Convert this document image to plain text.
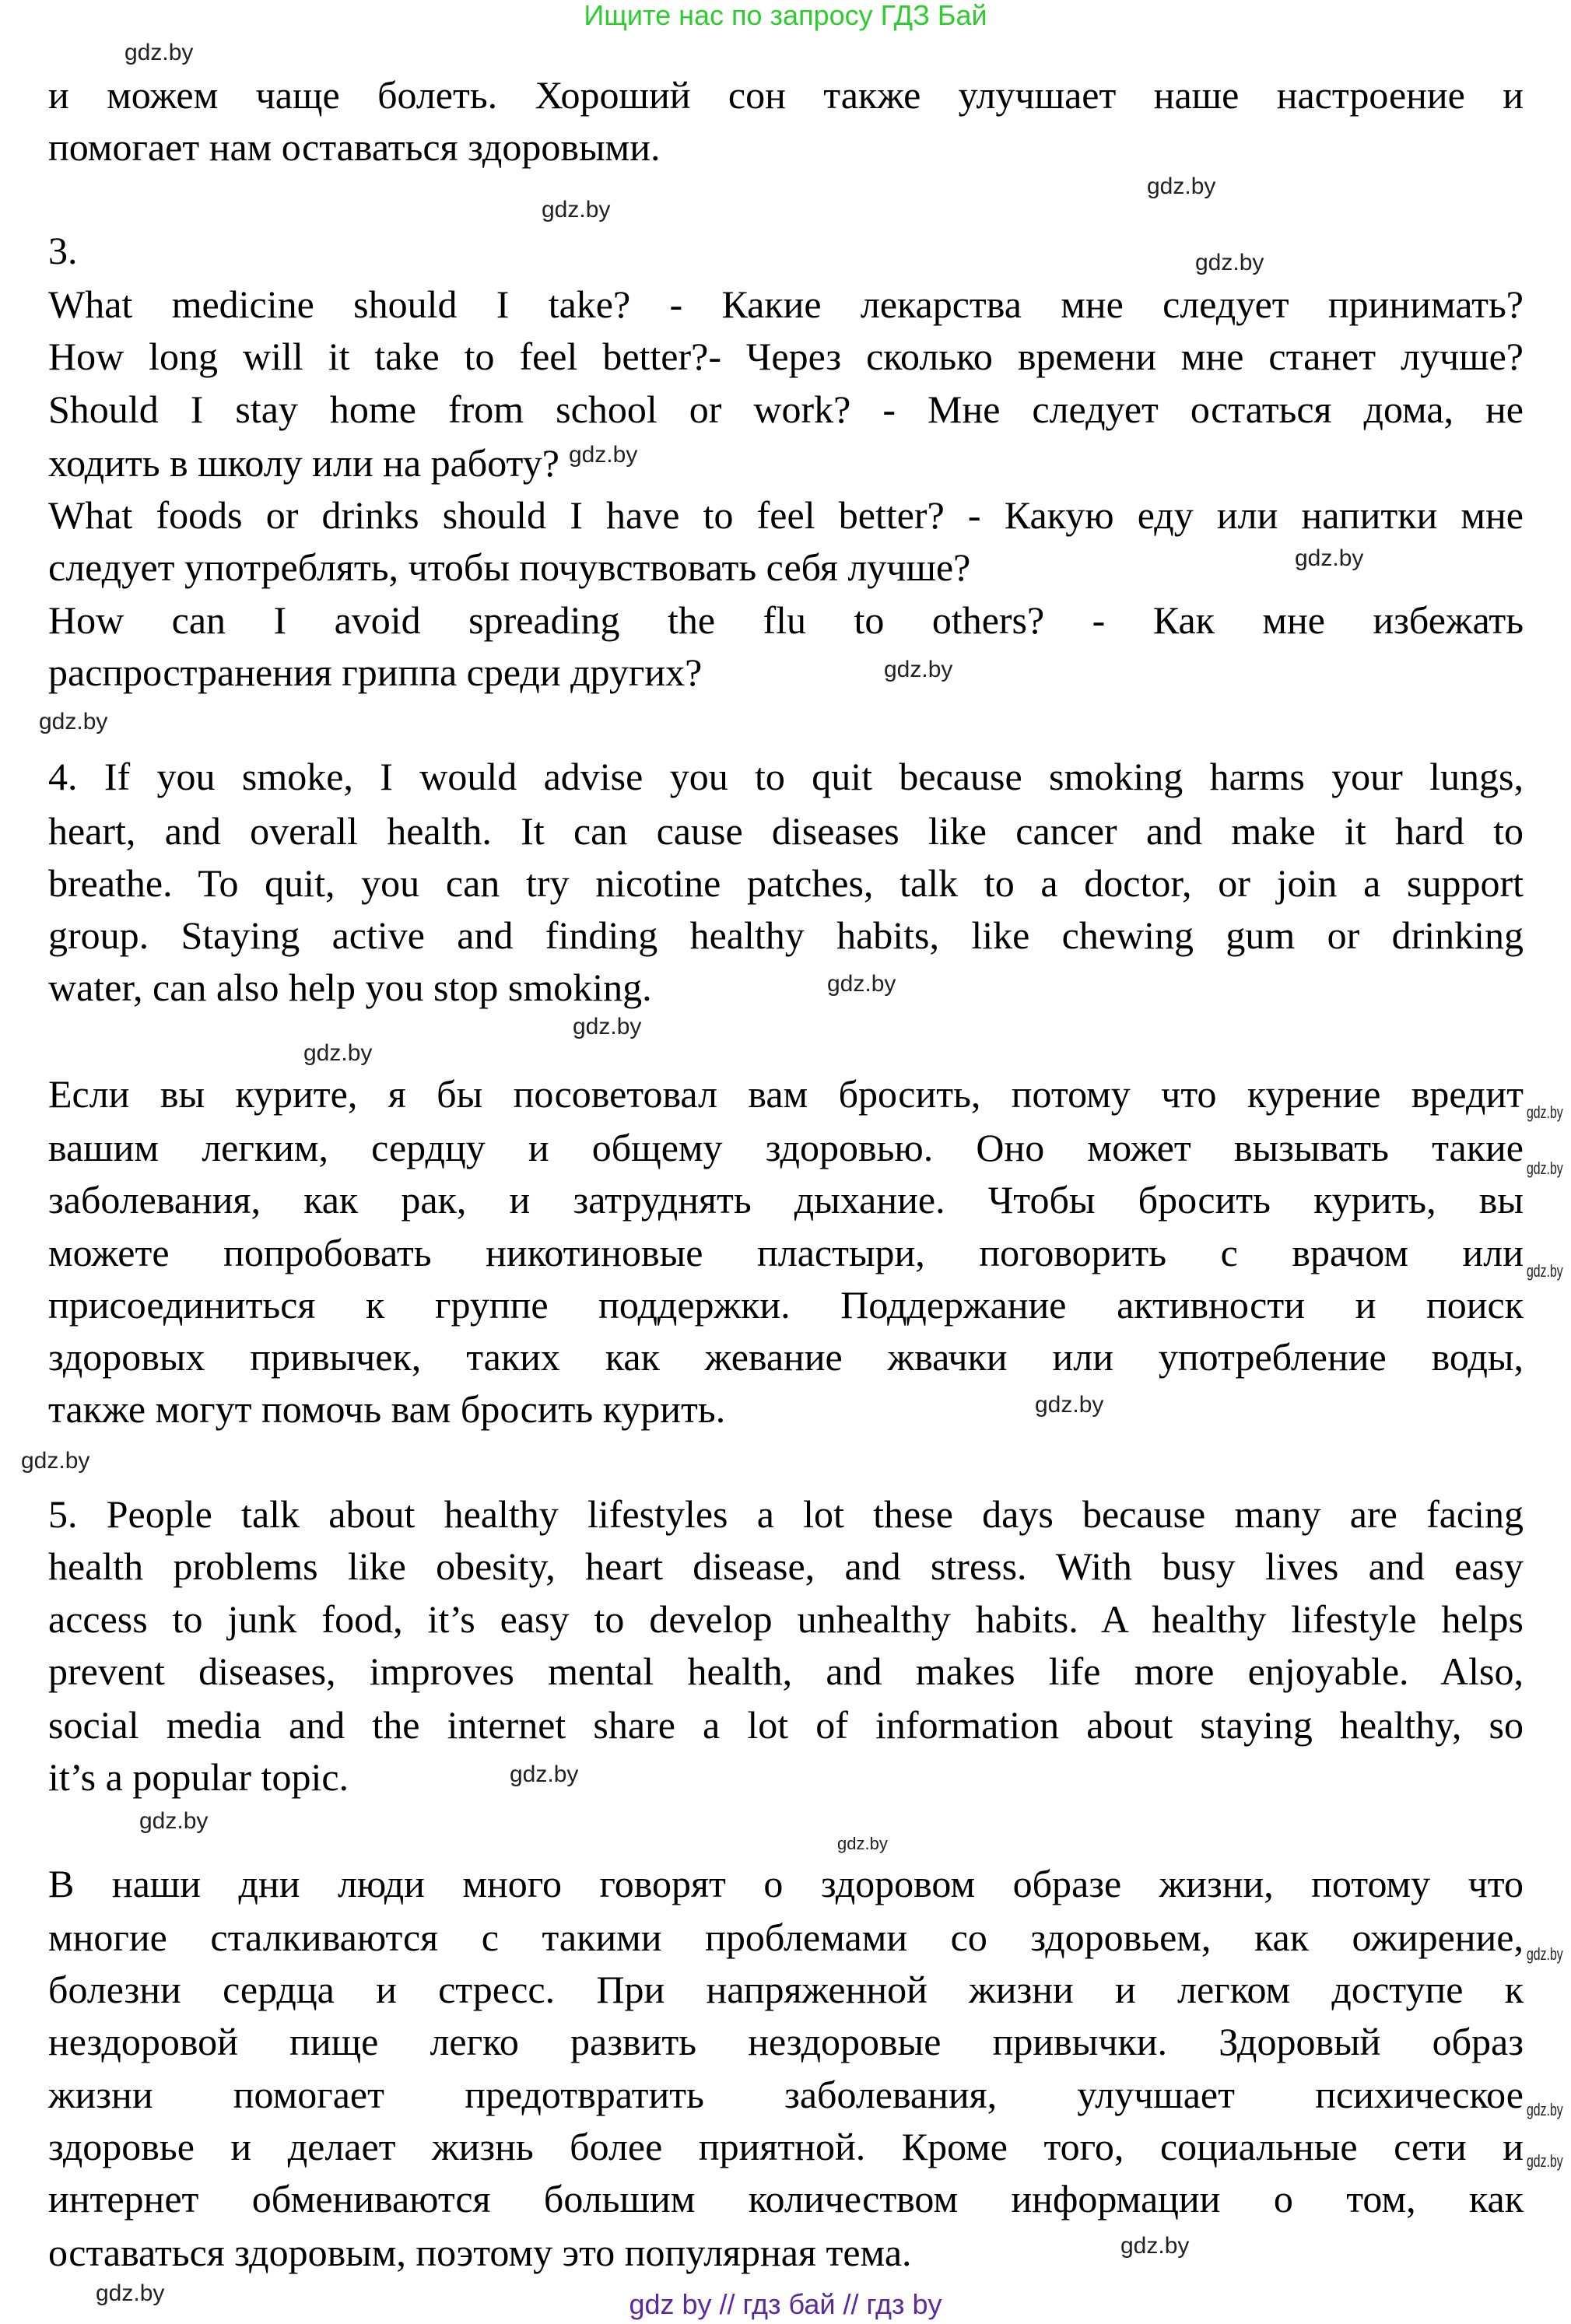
Ищите нас по запросу ГДЗ Бай
и можем чаще болеть. Хороший сон также улучшает наше настроение и
помогает нам оставаться здоровыми.
3.
What medicine should I take? - Какие лекарства мне следует принимать?
How long will it take to feel better?- Через сколько времени мне станет лучше?
Should I stay home from school or work? - Мне следует остаться дома, не
ходить в школу или на работу? $^{gdz.by}$
What foods or drinks should I have to feel better? - Какую еду или напитки мне
следует употреблять, чтобы почувствовать себя лучше?
How can I avoid spreading the flu to others? - Как мне избежать
распространения гриппа среди других?
4. If you smoke, I would advise you to quit because smoking harms your lungs,
heart, and overall health. It can cause diseases like cancer and make it hard to
breathe. To quit, you can try nicotine patches, talk to a doctor, or join a support
group. Staying active and finding healthy habits, like chewing gum or drinking
water, can also help you stop smoking.
Если вы курите, я бы посоветовал вам бросить, потому что курение вредит
вашим легким, сердцу и общему здоровью. Оно может вызывать такие
заболевания, как рак, и затруднять дыхание. Чтобы бросить курить, вы
можете попробовать никотиновые пластыри, поговорить с врачом или
присоединиться к группе поддержки. Поддержание активности и поиск
здоровых привычек, таких как жевание жвачки или употребление воды,
также могут помочь вам бросить курить.
5. People talk about healthy lifestyles a lot these days because many are facing
health problems like obesity, heart disease, and stress. With busy lives and easy
access to junk food, it’s easy to develop unhealthy habits. A healthy lifestyle helps
prevent diseases, improves mental health, and makes life more enjoyable. Also,
social media and the internet share a lot of information about staying healthy, so
it’s a popular topic.
В наши дни люди много говорят о здоровом образе жизни, потому что
многие сталкиваются с такими проблемами со здоровьем, как ожирение,
болезни сердца и стресс. При напряженной жизни и легком доступе к
нездоровой пище легко развить нездоровые привычки. Здоровый образ
жизни помогает предотвратить заболевания, улучшает психическое
здоровье и делает жизнь более приятной. Кроме того, социальные сети и
интернет обмениваются большим количеством информации о том, как
оставаться здоровым, поэтому это популярная тема.
gdz.by
gdz.by
gdz.by
gdz.by
gdz.by
gdz.by
gdz.by
gdz.by
gdz.by
gdz.by
gdz.by
gdz.by
gdz.by
gdz.by
gdz.by
gdz.by
gdz.by
gdz.by
gdz.by
gdz.by
gdz.by
gdz.by
gdz.by	gdz by // гдз бай // гдз by
